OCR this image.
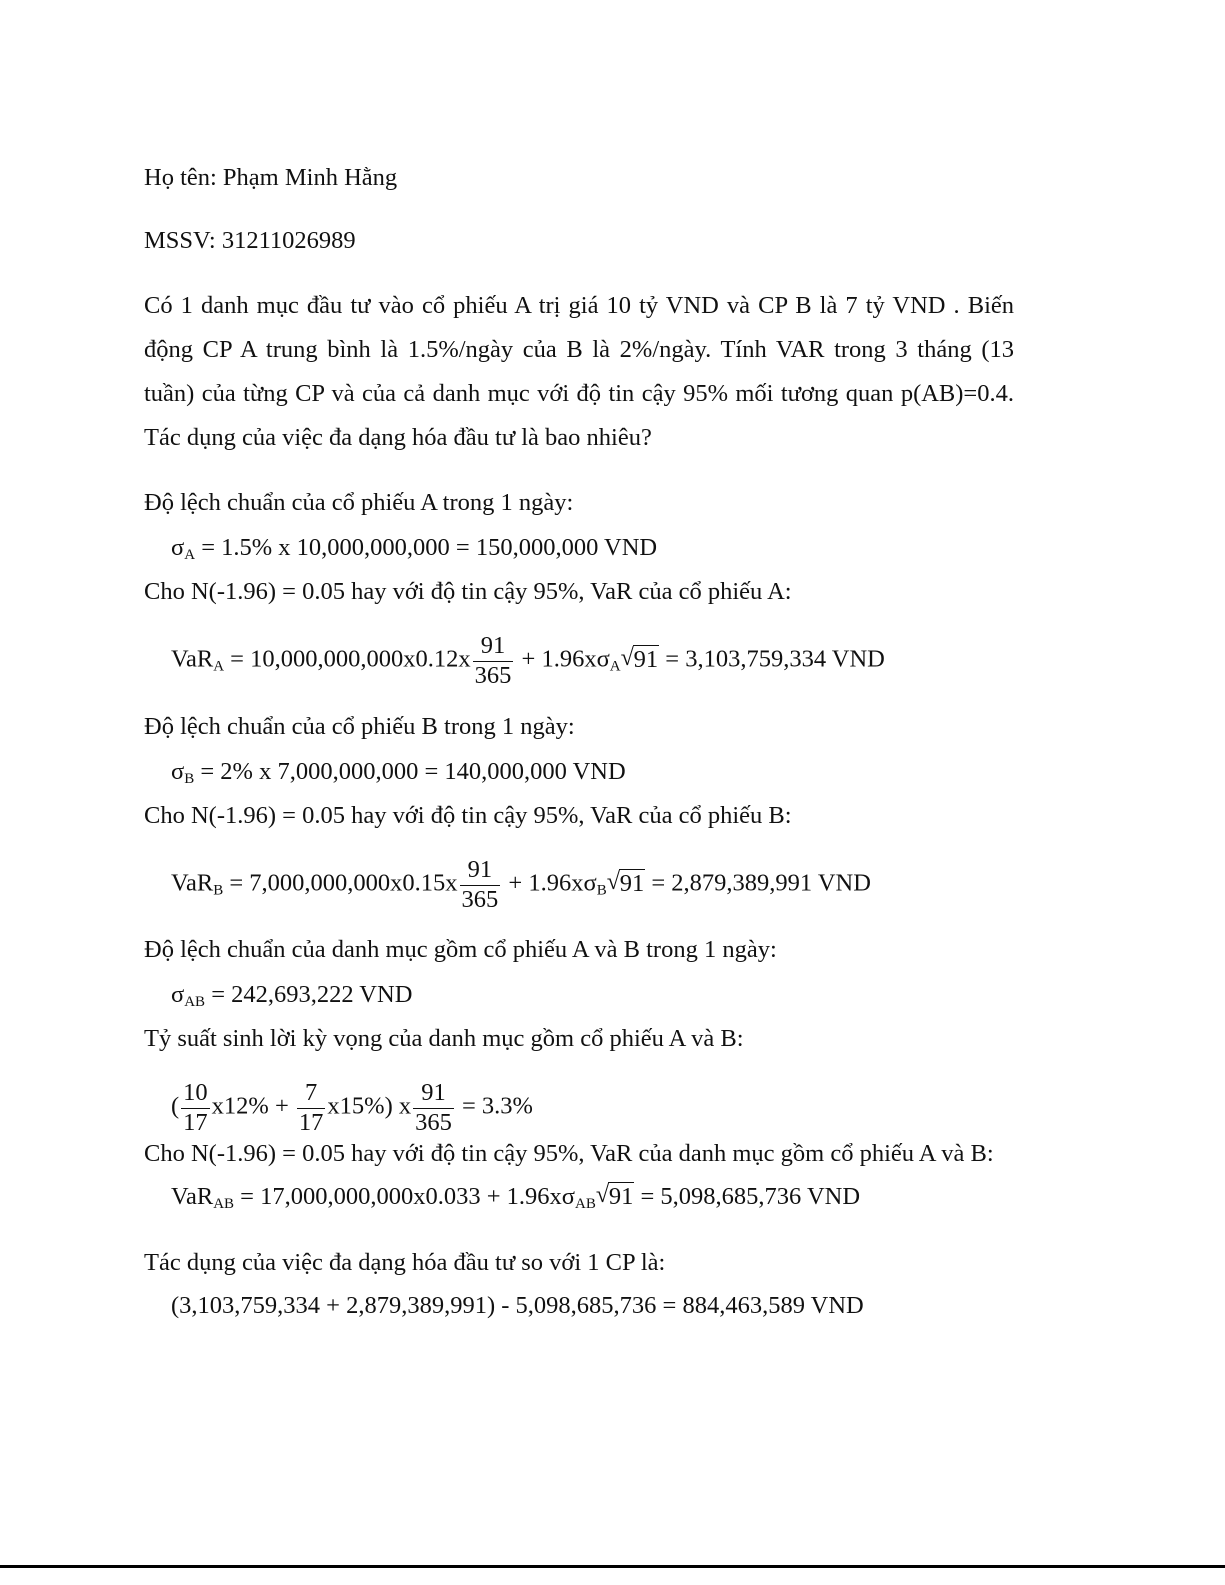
Họ tên: Phạm Minh Hằng

MSSV: 31211026989

Có 1 danh mục đầu tư vào cổ phiếu A trị giá 10 tỷ VND và CP B là 7 tỷ VND . Biến động CP A trung bình là 1.5%/ngày của B là 2%/ngày. Tính VAR trong 3 tháng (13 tuần) của từng CP và của cả danh mục với độ tin cậy 95% mối tương quan p(AB)=0.4. Tác dụng của việc đa dạng hóa đầu tư là bao nhiêu?

Độ lệch chuẩn của cổ phiếu A trong 1 ngày:

$\sigma_A = 1.5\%$ x 10,000,000,000 = 150,000,000 VND

Cho N(-1.96) = 0.05 hay với độ tin cậy 95%, VaR của cổ phiếu A:

$VaR_A = 10,000,000,000x0.12x \frac{91}{365} + 1.96x\sigma_A$ √ 91 = 3,103,759,334 VND

Độ lệch chuẩn của cổ phiếu B trong 1 ngày:

$\sigma_B = 2\%$ x 7,000,000,000 = 140,000,000 VND

Cho N(-1.96) = 0.05 hay với độ tin cậy 95%, VaR của cổ phiếu B:

$VaR_B = 7,000,000,000x0.15x \frac{91}{365} + 1.96x\sigma_B$ √ 91 = 2,879,389,991 VND

Độ lệch chuẩn của danh mục gồm cổ phiếu A và B trong 1 ngày:

$\sigma_{AB} = 242,693,222$ VND

Tỷ suất sinh lời kỳ vọng của danh mục gồm cổ phiếu A và B:

( $\frac{10}{17} x12\% + \frac{7}{17} x15\%$) x $\frac{91}{365} = 3.3\%$

Cho N(-1.96) = 0.05 hay với độ tin cậy 95%, VaR của danh mục gồm cổ phiếu A và B:

$VaR_{AB} = 17,000,000,000x0.033 + 1.96x\sigma_{AB}$ √ 91 = 5,098,685,736 VND

Tác dụng của việc đa dạng hóa đầu tư so với 1 CP là:

(3,103,759,334 + 2,879,389,991) - 5,098,685,736 = 884,463,589 VND
